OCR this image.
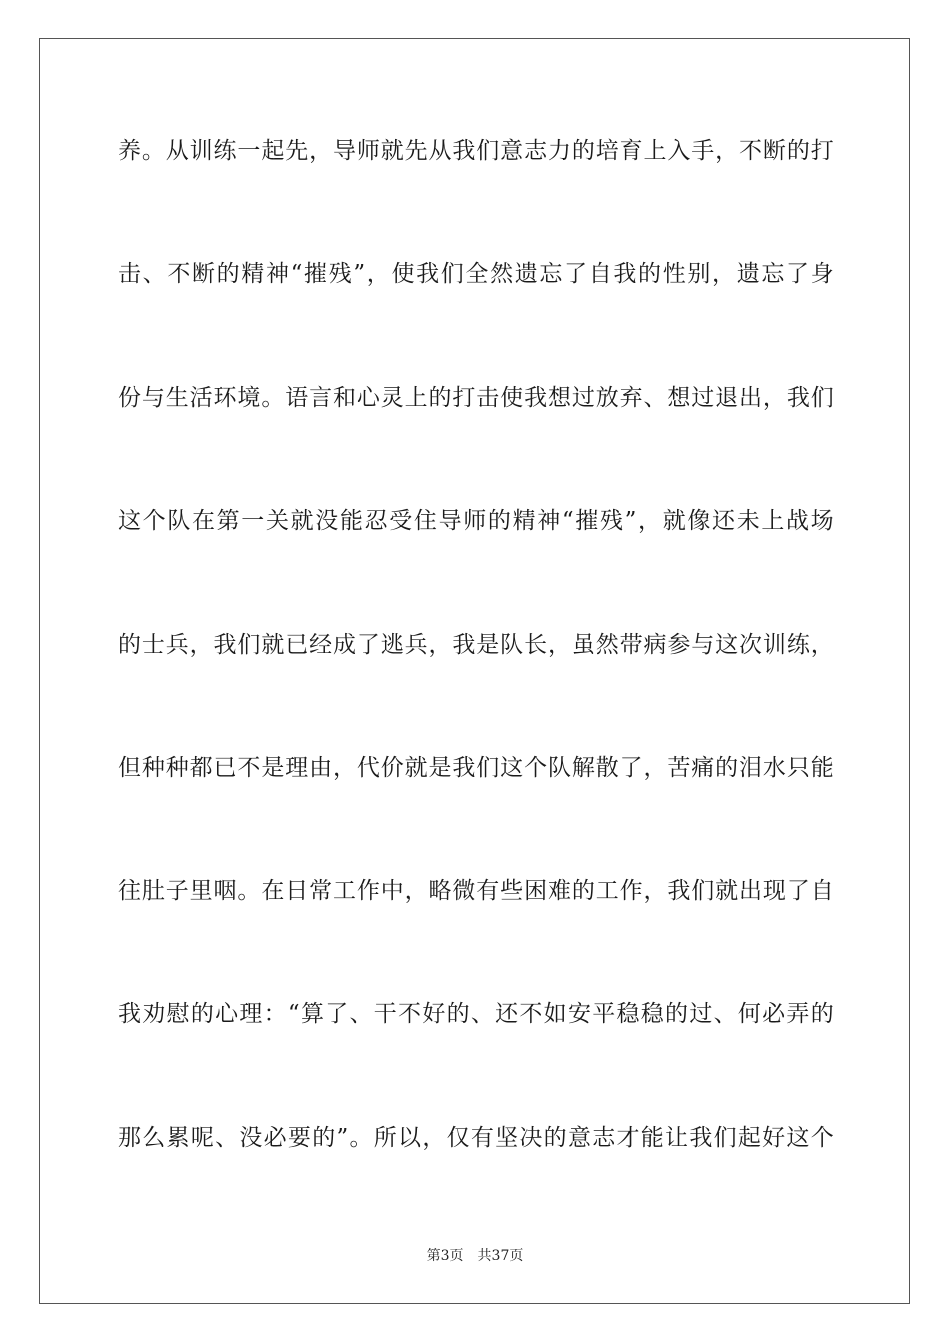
养。从训练一起先，导师就先从我们意志力的培育上入手，不断的打
击、不断的精神“摧残”，使我们全然遗忘了自我的性别，遗忘了身
份与生活环境。语言和心灵上的打击使我想过放弃、想过退出，我们
这个队在第一关就没能忍受住导师的精神“摧残”，就像还未上战场
的士兵，我们就已经成了逃兵，我是队长，虽然带病参与这次训练，
但种种都已不是理由，代价就是我们这个队解散了，苦痛的泪水只能
往肚子里咽。在日常工作中，略微有些困难的工作，我们就出现了自
我劝慰的心理：“算了、干不好的、还不如安平稳稳的过、何必弄的
那么累呢、没必要的”。所以，仅有坚决的意志才能让我们起好这个
第3页 共37页
